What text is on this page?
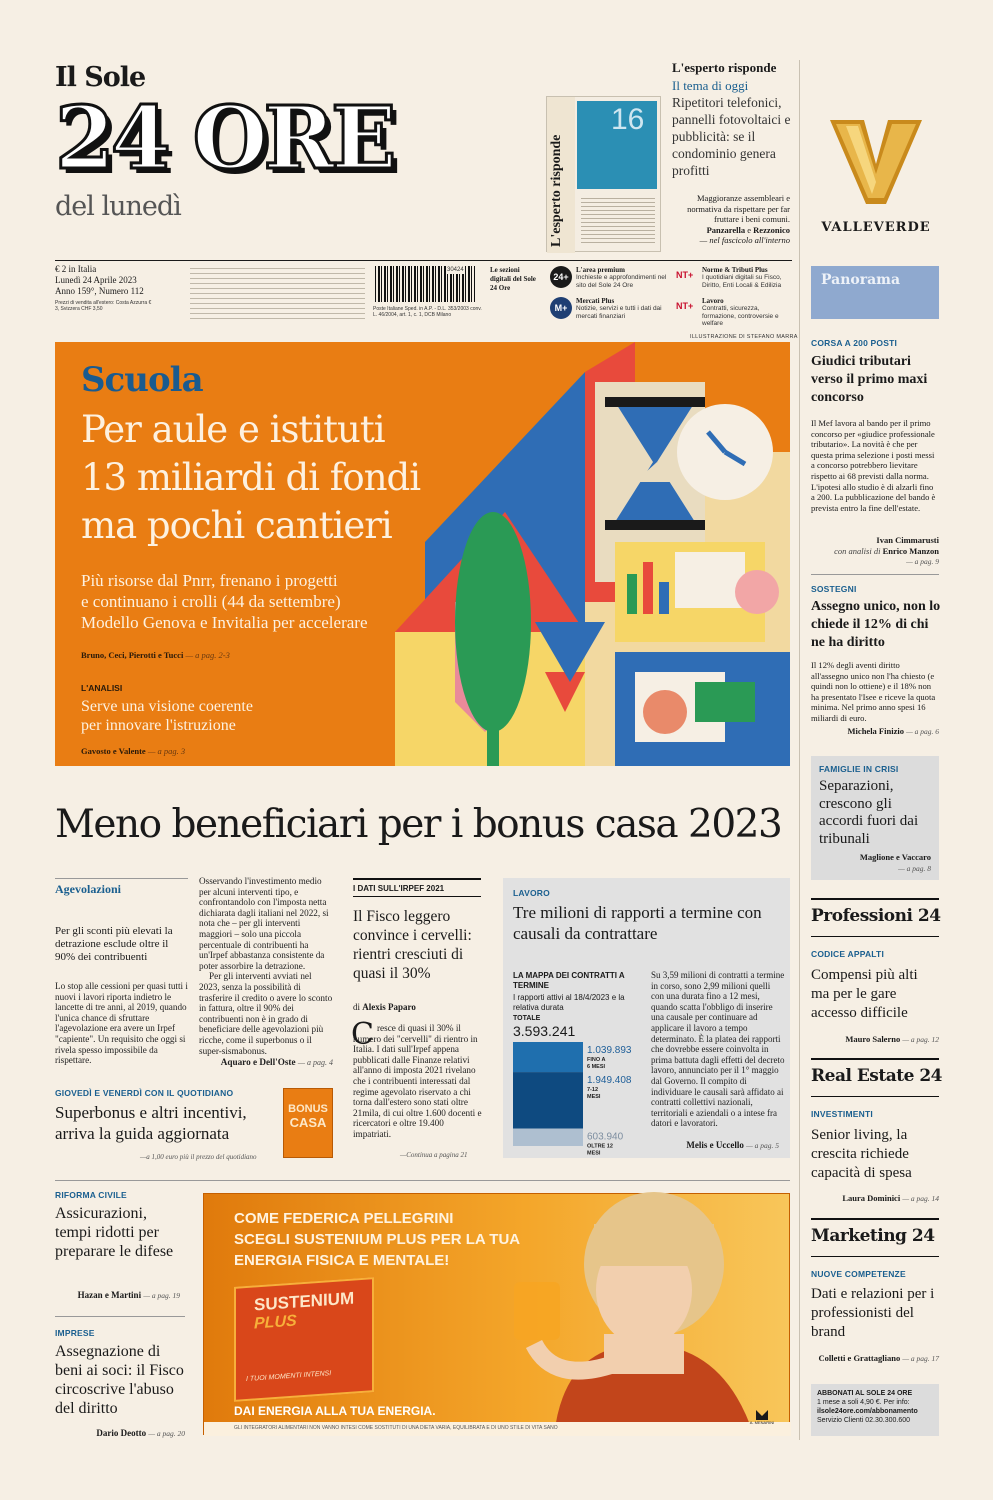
Il Sole
24 ORE
del lunedì	L'esperto risponde
16
L'esperto risponde
Il tema di oggi
Ripetitori telefonici, pannelli fotovoltaici e pubblicità: se il condominio genera profitti
Maggioranze assembleari e normativa da rispettare per far fruttare i beni comuni.
Panzarella e Rezzonico
— nel fascicolo all'interno
VALLEVERDE
€ 2 in Italia
Lunedì 24 Aprile 2023
Anno 159°, Numero 112
Prezzi di vendita all'estero: Costa Azzurra € 3, Svizzera CHF 3,50
30424
Poste Italiane Sped. in A.P. - D.L. 353/2003 conv. L. 46/2004, art. 1, c. 1, DCB Milano
Le sezioni digitali del Sole 24 Ore
24+
L'area premium
Inchieste e approfondimenti nel sito del Sole 24 Ore
M+
Mercati Plus
Notizie, servizi e tutti i dati dai mercati finanziari
NT+ Norme & Tributi Plus
I quotidiani digitali su Fisco, Diritto, Enti Locali & Edilizia
NT+ Lavoro
Contratti, sicurezza, formazione, controversie e welfare
ILLUSTRAZIONE DI STEFANO MARRA
Scuola
Per aule e istituti
13 miliardi di fondi
ma pochi cantieri
Più risorse dal Pnrr, frenano i progetti
e continuano i crolli (44 da settembre)
Modello Genova e Invitalia per accelerare
Bruno, Ceci, Pierotti e Tucci — a pag. 2-3
L'ANALISI
Serve una visione coerente
per innovare l'istruzione
Gavosto e Valente — a pag. 3
Meno beneficiari per i bonus casa 2023
Agevolazioni
Per gli sconti più elevati la detrazione esclude oltre il 90% dei contribuenti
Lo stop alle cessioni per quasi tutti i nuovi i lavori riporta indietro le lancette di tre anni, al 2019, quando l'unica chance di sfruttare l'agevolazione era avere un Irpef "capiente". Un requisito che oggi si rivela spesso impossibile da rispettare.
Osservando l'investimento medio per alcuni interventi tipo, e confrontandolo con l'imposta netta dichiarata dagli italiani nel 2022, si nota che – per gli interventi maggiori – solo una piccola percentuale di contribuenti ha un'Irpef abbastanza consistente da poter assorbire la detrazione.
Per gli interventi avviati nel 2023, senza la possibilità di trasferire il credito o avere lo sconto in fattura, oltre il 90% dei contribuenti non è in grado di beneficiare delle agevolazioni più ricche, come il superbonus o il super-sismabonus.
Aquaro e Dell'Oste — a pag. 4
GIOVEDÌ E VENERDÌ CON IL QUOTIDIANO
Superbonus e altri incentivi, arriva la guida aggiornata
BONUS
CASA
—a 1,00 euro più il prezzo del quotidiano
I DATI SULL'IRPEF 2021
Il Fisco leggero convince i cervelli: rientri cresciuti di quasi il 30%
di Alexis Paparo
C resce di quasi il 30% il numero dei "cervelli" di rientro in Italia. I dati sull'Irpef appena pubblicati dalle Finanze relativi all'anno di imposta 2021 rivelano che i contribuenti interessati dal regime agevolato riservato a chi torna dall'estero sono stati oltre 21mila, di cui oltre 1.600 docenti e ricercatori e oltre 19.400 impatriati.
—Continua a pagina 21
LAVORO
Tre milioni di rapporti a termine con causali da contrattare
LA MAPPA DEI CONTRATTI A TERMINE
I rapporti attivi al 18/4/2023 e la relativa durata
TOTALE
3.593.241
1.039.893
FINO A
6 MESI
1.949.408
7-12
MESI
603.940
OLTRE 12
MESI
Su 3,59 milioni di contratti a termine in corso, sono 2,99 milioni quelli con una durata fino a 12 mesi, quando scatta l'obbligo di inserire una causale per continuare ad applicare il lavoro a tempo determinato. È la platea dei rapporti che dovrebbe essere coinvolta in prima battuta dagli effetti del decreto lavoro, annunciato per il 1° maggio dal Governo. Il compito di individuare le causali sarà affidato ai contratti collettivi nazionali, territoriali e aziendali o a intese fra datori e lavoratori.
Melis e Uccello — a pag. 5
RIFORMA CIVILE
Assicurazioni, tempi ridotti per preparare le difese
Hazan e Martini — a pag. 19
IMPRESE
Assegnazione di beni ai soci: il Fisco circoscrive l'abuso del diritto
Dario Deotto — a pag. 20
COME FEDERICA PELLEGRINI
SCEGLI SUSTENIUM PLUS PER LA TUA
ENERGIA FISICA E MENTALE!
SUSTENIUM
PLUS
I TUOI MOMENTI INTENSI
DAI ENERGIA ALLA TUA ENERGIA.
GLI INTEGRATORI ALIMENTARI NON VANNO INTESI COME SOSTITUTI DI UNA DIETA VARIA, EQUILIBRATA E DI UNO STILE DI VITA SANO
A. MENARINI
Panorama
CORSA A 200 POSTI
Giudici tributari verso il primo maxi concorso
Il Mef lavora al bando per il primo concorso per «giudice professionale tributario». La novità è che per questa prima selezione i posti messi a concorso potrebbero lievitare rispetto ai 68 previsti dalla norma. L'ipotesi allo studio è di alzarli fino a 200. La pubblicazione del bando è prevista entro la fine dell'estate.
Ivan Cimmarusti
con analisi di Enrico Manzon
— a pag. 9
SOSTEGNI
Assegno unico, non lo chiede il 12% di chi ne ha diritto
Il 12% degli aventi diritto all'assegno unico non l'ha chiesto (e quindi non lo ottiene) e il 18% non ha presentato l'Isee e riceve la quota minima. Nel primo anno spesi 16 miliardi di euro.
Michela Finizio — a pag. 6
FAMIGLIE IN CRISI
Separazioni, crescono gli accordi fuori dai tribunali
Maglione e Vaccaro
— a pag. 8
Professioni 24
CODICE APPALTI
Compensi più alti ma per le gare accesso difficile
Mauro Salerno — a pag. 12
Real Estate 24
INVESTIMENTI
Senior living, la crescita richiede capacità di spesa
Laura Dominici — a pag. 14
Marketing 24
NUOVE COMPETENZE
Dati e relazioni per i professionisti del brand
Colletti e Grattagliano — a pag. 17
ABBONATI AL SOLE 24 ORE
1 mese a soli 4,90 €. Per info:
ilsole24ore.com/abbonamento
Servizio Clienti 02.30.300.600
